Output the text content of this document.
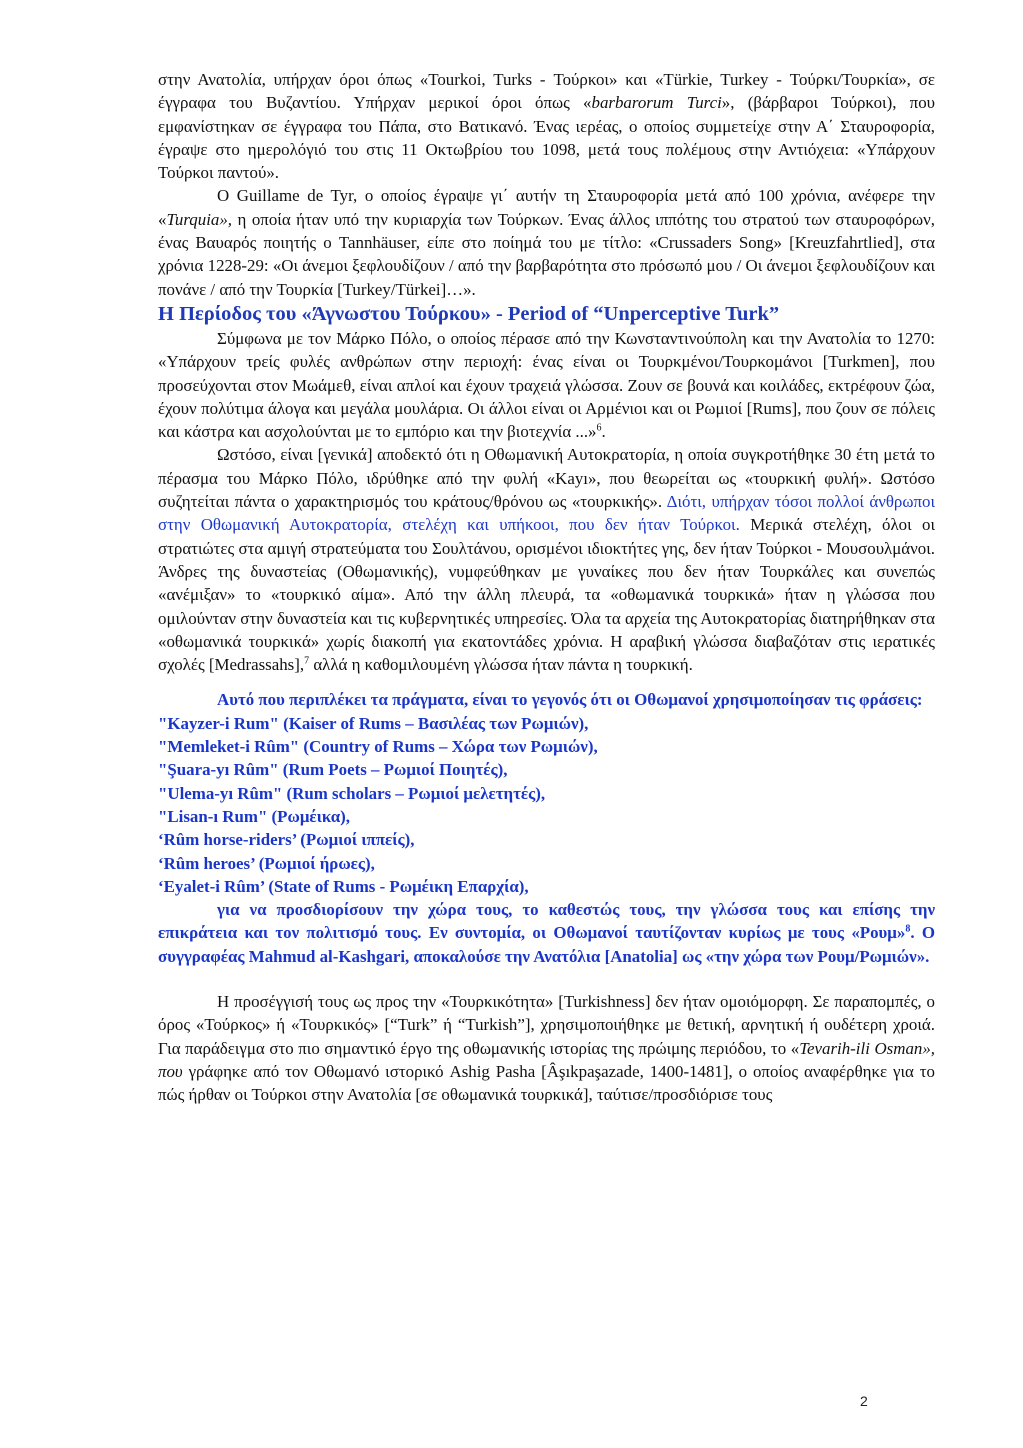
στην Ανατολία, υπήρχαν όροι όπως «Tourkoi, Turks - Τούρκοι» και «Türkie, Turkey - Τούρκι/Τουρκία», σε έγγραφα του Βυζαντίου. Υπήρχαν μερικοί όροι όπως «barbarorum Turci», (βάρβαροι Τούρκοι), που εμφανίστηκαν σε έγγραφα του Πάπα, στο Βατικανό. Ένας ιερέας, ο οποίος συμμετείχε στην Α΄ Σταυροφορία, έγραψε στο ημερολόγιό του στις 11 Οκτωβρίου του 1098, μετά τους πολέμους στην Αντιόχεια: «Υπάρχουν Τούρκοι παντού».

Ο Guillame de Tyr, ο οποίος έγραψε γι΄ αυτήν τη Σταυροφορία μετά από 100 χρόνια, ανέφερε την «Turquia», η οποία ήταν υπό την κυριαρχία των Τούρκων. Ένας άλλος ιππότης του στρατού των σταυροφόρων, ένας Βαυαρός ποιητής ο Tannhäuser, είπε στο ποίημά του με τίτλο: «Crussaders Song» [Kreuzfahrtlied], στα χρόνια 1228-29: «Οι άνεμοι ξεφλουδίζουν / από την βαρβαρότητα στο πρόσωπό μου / Οι άνεμοι ξεφλουδίζουν και πονάνε / από την Τουρκία [Turkey/Türkei]…».

Η Περίοδος του «Άγνωστου Τούρκου» - Period of “Unperceptive Turk”

Σύμφωνα με τον Μάρκο Πόλο, ο οποίος πέρασε από την Κωνσταντινούπολη και την Ανατολία το 1270: «Υπάρχουν τρείς φυλές ανθρώπων στην περιοχή: ένας είναι οι Τουρκμένοι/Τουρκομάνοι [Turkmen], που προσεύχονται στον Μωάμεθ, είναι απλοί και έχουν τραχειά γλώσσα. Ζουν σε βουνά και κοιλάδες, εκτρέφουν ζώα, έχουν πολύτιμα άλογα και μεγάλα μουλάρια. Οι άλλοι είναι οι Αρμένιοι και οι Ρωμιοί [Rums], που ζουν σε πόλεις και κάστρα και ασχολούνται με το εμπόριο και την βιοτεχνία ...»$^6$.

Ωστόσο, είναι [γενικά] αποδεκτό ότι η Οθωμανική Αυτοκρατορία, η οποία συγκροτήθηκε 30 έτη μετά το πέρασμα του Μάρκο Πόλο, ιδρύθηκε από την φυλή «Kayı», που θεωρείται ως «τουρκική φυλή». Ωστόσο συζητείται πάντα ο χαρακτηρισμός του κράτους/θρόνου ως «τουρκικής». Διότι, υπήρχαν τόσοι πολλοί άνθρωποι στην Οθωμανική Αυτοκρατορία, στελέχη και υπήκοοι, που δεν ήταν Τούρκοι. Μερικά στελέχη, όλοι οι στρατιώτες στα αμιγή στρατεύματα του Σουλτάνου, ορισμένοι ιδιοκτήτες γης, δεν ήταν Τούρκοι - Μουσουλμάνοι. Άνδρες της δυναστείας (Οθωμανικής), νυμφεύθηκαν με γυναίκες που δεν ήταν Τουρκάλες και συνεπώς «ανέμιξαν» το «τουρκικό αίμα». Από την άλλη πλευρά, τα «οθωμανικά τουρκικά» ήταν η γλώσσα που ομιλούνταν στην δυναστεία και τις κυβερνητικές υπηρεσίες. Όλα τα αρχεία της Αυτοκρατορίας διατηρήθηκαν στα «οθωμανικά τουρκικά» χωρίς διακοπή για εκατοντάδες χρόνια. Η αραβική γλώσσα διαβαζόταν στις ιερατικές σχολές [Medrassahs],$^7$ αλλά η καθομιλουμένη γλώσσα ήταν πάντα η τουρκική.

Αυτό που περιπλέκει τα πράγματα, είναι το γεγονός ότι οι Οθωμανοί χρησιμοποίησαν τις φράσεις:

"Kayzer-i Rum" (Kaiser of Rums – Βασιλέας των Ρωμιών),
"Memleket-i Rûm" (Country of Rums – Χώρα των Ρωμιών),
"Şuara-yı Rûm" (Rum Poets – Ρωμιοί Ποιητές),
"Ulema-yı Rûm" (Rum scholars – Ρωμιοί μελετητές),
"Lisan-ı Rum" (Ρωμέικα),
‘Rûm horse-riders’ (Ρωμιοί ιππείς),
‘Rûm heroes’ (Ρωμιοί ήρωες),
‘Eyalet-i Rûm’ (State of Rums - Ρωμέικη Επαρχία),

για να προσδιορίσουν την χώρα τους, το καθεστώς τους, την γλώσσα τους και επίσης την επικράτεια και τον πολιτισμό τους. Εν συντομία, οι Οθωμανοί ταυτίζονταν κυρίως με τους «Ρουμ»$^8$. Ο συγγραφέας Mahmud al-Kashgari, αποκαλούσε την Ανατόλια [Anatolia] ως «την χώρα των Ρουμ/Ρωμιών».

Η προσέγγισή τους ως προς την «Τουρκικότητα» [Turkishness] δεν ήταν ομοιόμορφη. Σε παραπομπές, ο όρος «Τούρκος» ή «Τουρκικός» [“Turk” ή “Turkish”], χρησιμοποιήθηκε με θετική, αρνητική ή ουδέτερη χροιά. Για παράδειγμα στο πιο σημαντικό έργο της οθωμανικής ιστορίας της πρώιμης περιόδου, το «Tevarih-ili Osman», που γράφηκε από τον Οθωμανό ιστορικό Ashig Pasha [Âşıkpaşazade, 1400-1481], ο οποίος αναφέρθηκε για το πώς ήρθαν οι Τούρκοι στην Ανατολία [σε οθωμανικά τουρκικά], ταύτισε/προσδιόρισε τους

2
